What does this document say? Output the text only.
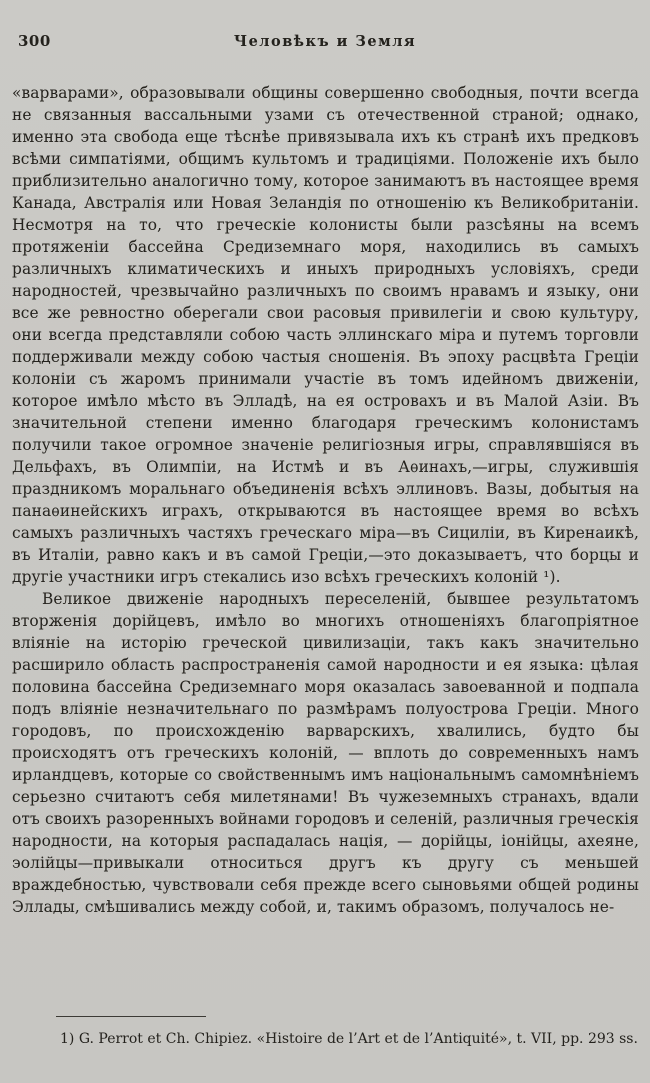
300	Человѣкъ и Земля

«варварами», образовывали общины совершенно свободныя, почти всегда не связанныя вассальными узами съ отечественной страной; однако, именно эта свобода еще тѣснѣе привязывала ихъ къ странѣ ихъ предковъ всѣми симпатіями, общимъ культомъ и традиціями. Положеніе ихъ было приблизительно аналогично тому, которое занимаютъ въ настоящее время Канада, Австралія или Новая Зеландія по отношенію къ Великобританіи. Несмотря на то, что греческіе колонисты были разсѣяны на всемъ протяженіи бассейна Средиземнаго моря, находились въ самыхъ различныхъ климатическихъ и иныхъ природныхъ условіяхъ, среди народностей, чрезвычайно различныхъ по своимъ нравамъ и языку, они все же ревностно оберегали свои расовыя привилегіи и свою культуру, они всегда представляли собою часть эллинскаго міра и путемъ торговли поддерживали между собою частыя сношенія. Въ эпоху расцвѣта Греціи колоніи съ жаромъ принимали участіе въ томъ идейномъ движеніи, которое имѣло мѣсто въ Элладѣ, на ея островахъ и въ Малой Азіи. Въ значительной степени именно благодаря греческимъ колонистамъ получили такое огромное значеніе религіозныя игры, справлявшіяся въ Дельфахъ, въ Олимпіи, на Истмѣ и въ Аѳинахъ,—игры, служившія праздникомъ моральнаго объединенія всѣхъ эллиновъ. Вазы, добытыя на панаѳинейскихъ играхъ, открываются въ настоящее время во всѣхъ самыхъ различныхъ частяхъ греческаго міра—въ Сициліи, въ Киренаикѣ, въ Италіи, равно какъ и въ самой Греціи,—это доказываетъ, что борцы и другіе участники игръ стекались изо всѣхъ греческихъ колоній ¹).

Великое движеніе народныхъ переселеній, бывшее результатомъ вторженія дорійцевъ, имѣло во многихъ отношеніяхъ благопріятное вліяніе на исторію греческой цивилизаціи, такъ какъ значительно расширило область распространенія самой народности и ея языка: цѣлая половина бассейна Средиземнаго моря оказалась завоеванной и подпала подъ вліяніе незначительнаго по размѣрамъ полуострова Греціи. Много городовъ, по происхожденію варварскихъ, хвалились, будто бы происходятъ отъ греческихъ колоній, — вплоть до современныхъ намъ ирландцевъ, которые со свойственнымъ имъ національнымъ самомнѣніемъ серьезно считаютъ себя милетянами! Въ чужеземныхъ странахъ, вдали отъ своихъ разоренныхъ войнами городовъ и селеній, различныя греческія народности, на которыя распадалась нація, — дорійцы, іонійцы, ахеяне, эолійцы—привыкали относиться другъ къ другу съ меньшей враждебностью, чувствовали себя прежде всего сыновьями общей родины Эллады, смѣшивались между собой, и, такимъ образомъ, получалось не-

1) G. Perrot et Ch. Chipiez. «Histoire de l’Art et de l’Antiquité», t. VII, pp. 293 ss.
